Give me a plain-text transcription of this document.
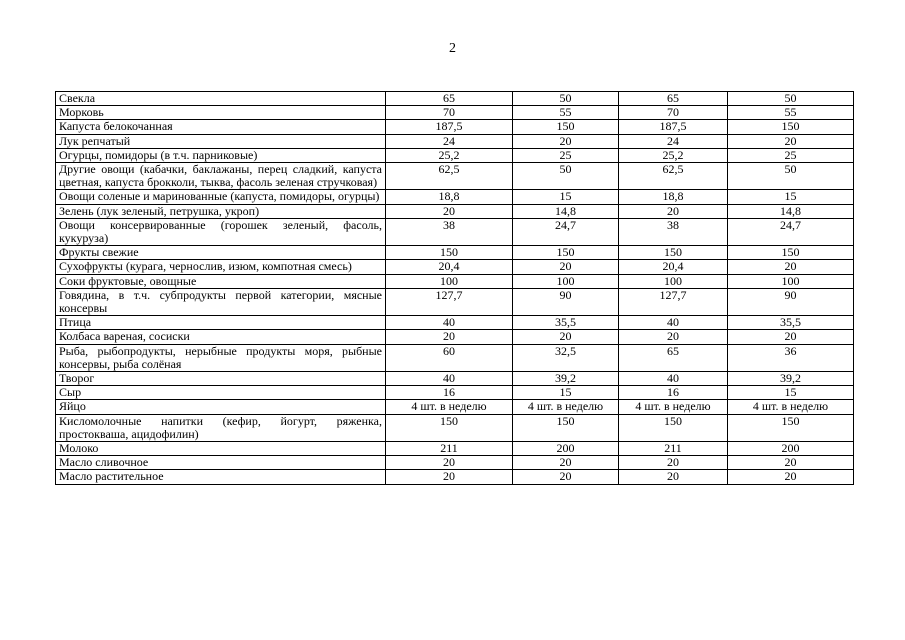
2
Свекла	65	50	65	50
Морковь	70	55	70	55
Капуста белокочанная	187,5	150	187,5	150
Лук репчатый	24	20	24	20
Огурцы, помидоры (в т.ч. парниковые)	25,2	25	25,2	25
Другие овощи (кабачки, баклажаны, перец сладкий, капуста цветная, капуста брокколи, тыква, фасоль зеленая стручковая)	62,5	50	62,5	50
Овощи соленые и маринованные (капуста, помидоры, огурцы)	18,8	15	18,8	15
Зелень (лук зеленый, петрушка, укроп)	20	14,8	20	14,8
Овощи консервированные (горошек зеленый, фасоль, кукуруза)	38	24,7	38	24,7
Фрукты свежие	150	150	150	150
Сухофрукты (курага, чернослив, изюм, компотная смесь)	20,4	20	20,4	20
Соки фруктовые, овощные	100	100	100	100
Говядина, в т.ч. субпродукты первой категории, мясные консервы	127,7	90	127,7	90
Птица	40	35,5	40	35,5
Колбаса вареная, сосиски	20	20	20	20
Рыба, рыбопродукты, нерыбные продукты моря, рыбные консервы, рыба солёная	60	32,5	65	36
Творог	40	39,2	40	39,2
Сыр	16	15	16	15
Яйцо	4 шт. в неделю	4 шт. в неделю	4 шт. в неделю	4 шт. в неделю
Кисломолочные напитки (кефир, йогурт, ряженка, простокваша, ацидофилин)	150	150	150	150
Молоко	211	200	211	200
Масло сливочное	20	20	20	20
Масло растительное	20	20	20	20
